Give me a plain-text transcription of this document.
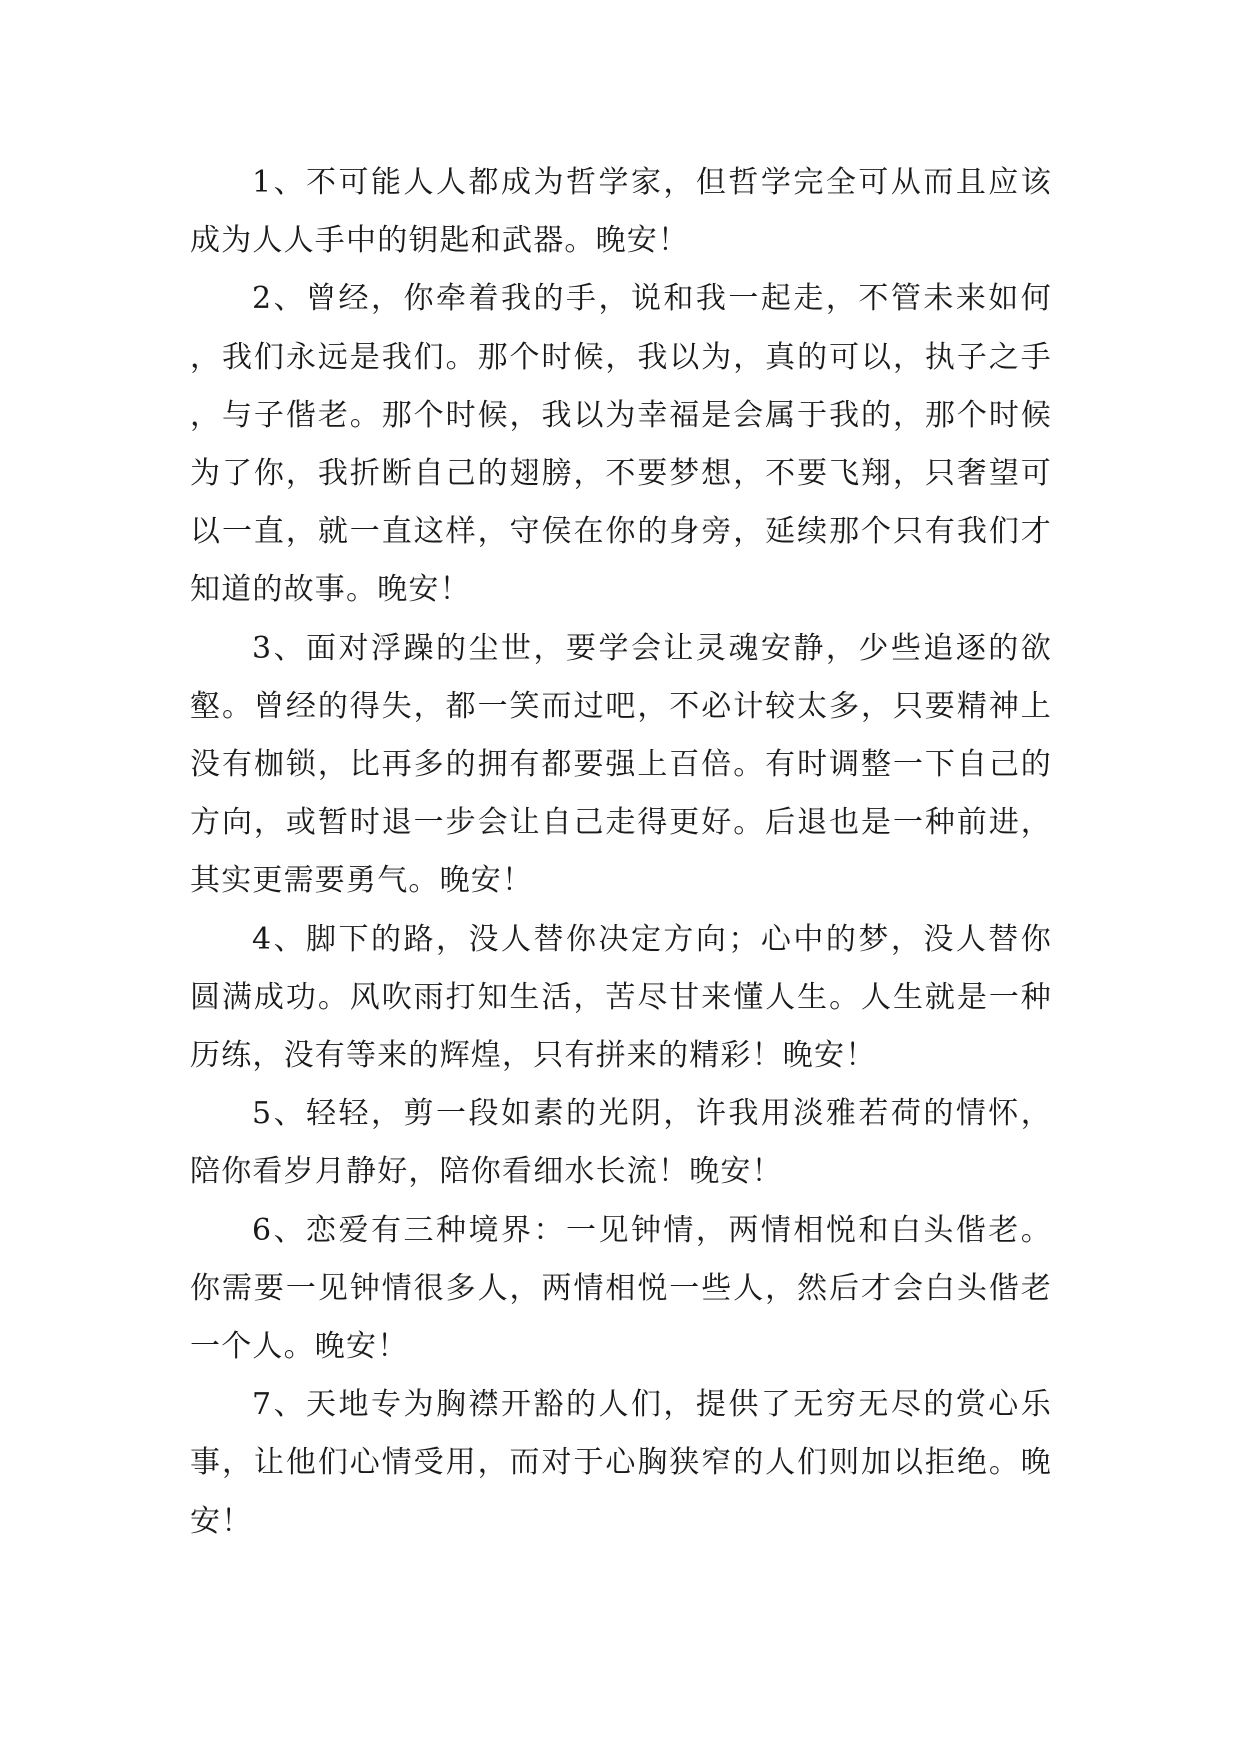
1、不可能人人都成为哲学家，但哲学完全可从而且应该成为人人手中的钥匙和武器。晚安！

2、曾经，你牵着我的手，说和我一起走，不管未来如何，我们永远是我们。那个时候，我以为，真的可以，执子之手，与子偕老。那个时候，我以为幸福是会属于我的，那个时候为了你，我折断自己的翅膀，不要梦想，不要飞翔，只奢望可以一直，就一直这样，守侯在你的身旁，延续那个只有我们才知道的故事。晚安！

3、面对浮躁的尘世，要学会让灵魂安静，少些追逐的欲壑。曾经的得失，都一笑而过吧，不必计较太多，只要精神上没有枷锁，比再多的拥有都要强上百倍。有时调整一下自己的方向，或暂时退一步会让自己走得更好。后退也是一种前进，其实更需要勇气。晚安！

4、脚下的路，没人替你决定方向；心中的梦，没人替你圆满成功。风吹雨打知生活，苦尽甘来懂人生。人生就是一种历练，没有等来的辉煌，只有拼来的精彩！晚安！

5、轻轻，剪一段如素的光阴，许我用淡雅若荷的情怀，陪你看岁月静好，陪你看细水长流！晚安！

6、恋爱有三种境界：一见钟情，两情相悦和白头偕老。你需要一见钟情很多人，两情相悦一些人，然后才会白头偕老一个人。晚安！

7、天地专为胸襟开豁的人们，提供了无穷无尽的赏心乐事，让他们心情受用，而对于心胸狭窄的人们则加以拒绝。晚安！
